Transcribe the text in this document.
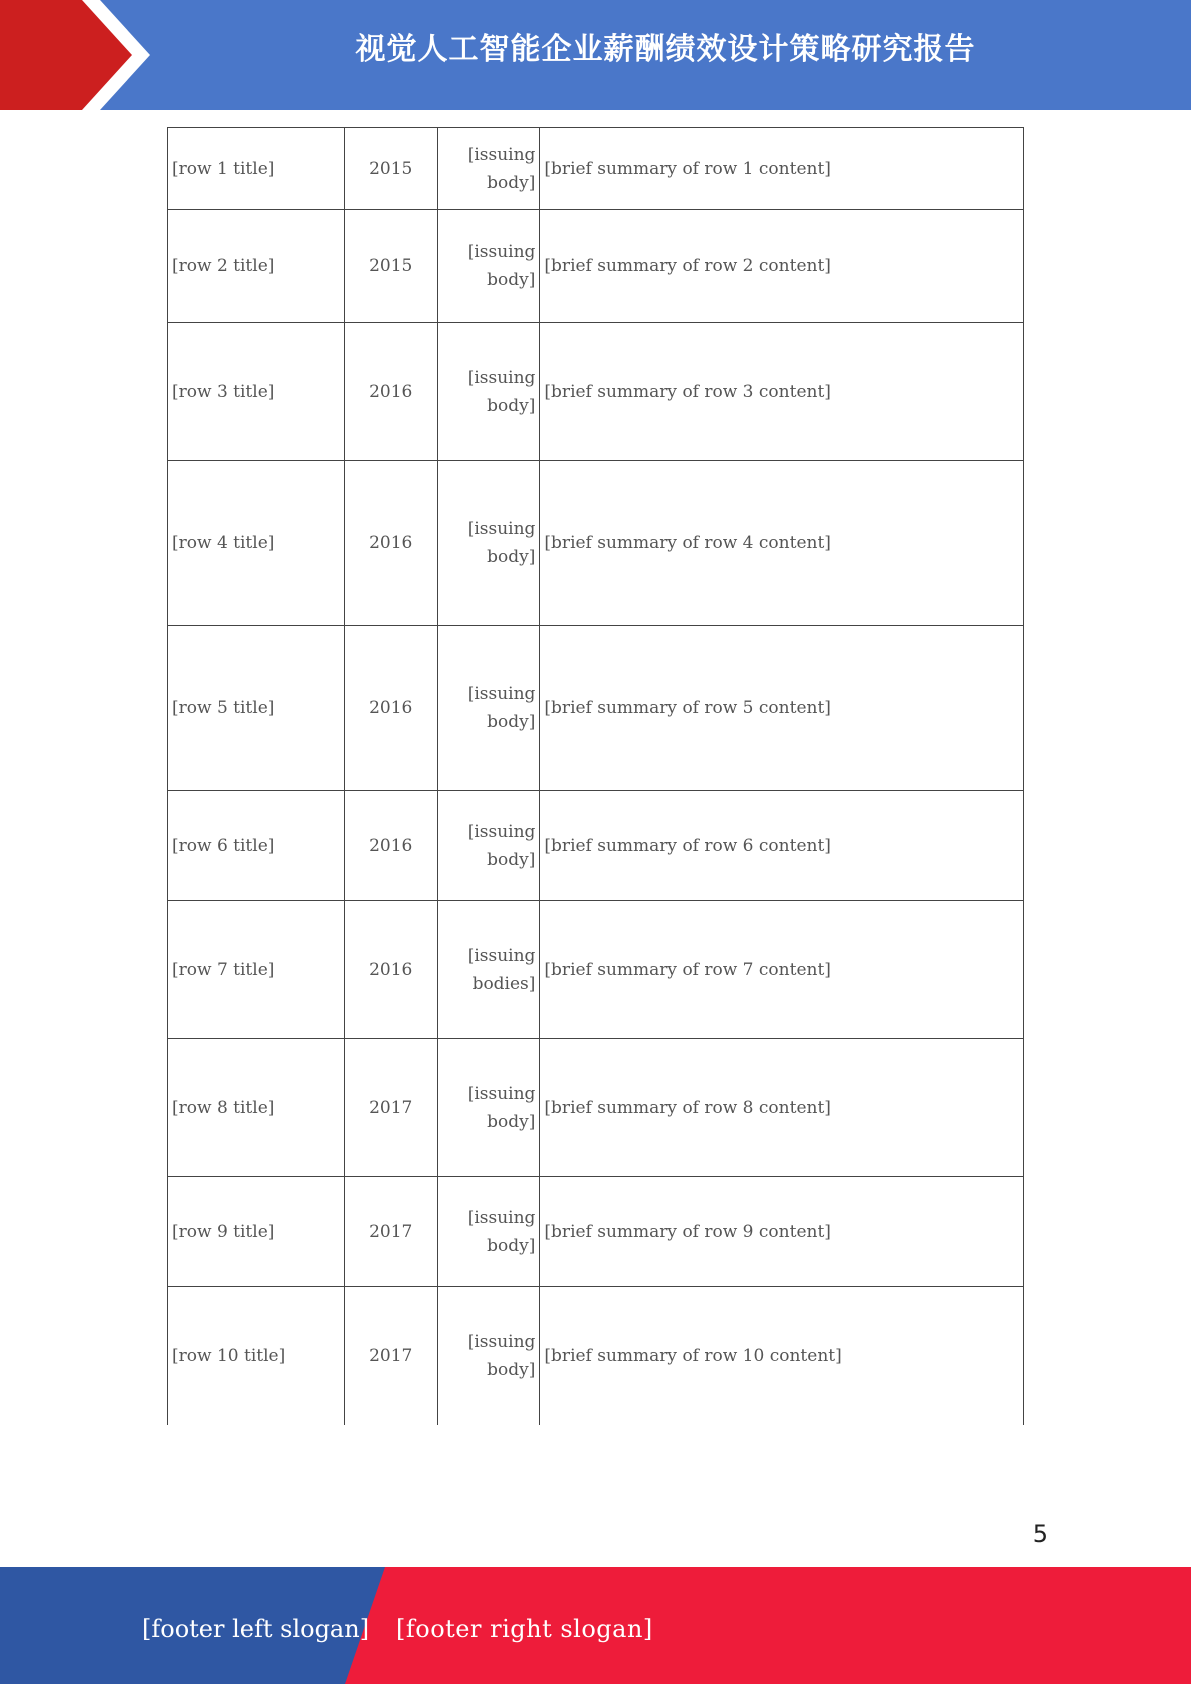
视觉人工智能企业薪酬绩效设计策略研究报告
[row 1 title]	2015	[issuing body]	[brief summary of row 1 content]
[row 2 title]	2015	[issuing body]	[brief summary of row 2 content]
[row 3 title]	2016	[issuing body]	[brief summary of row 3 content]
[row 4 title]	2016	[issuing body]	[brief summary of row 4 content]
[row 5 title]	2016	[issuing body]	[brief summary of row 5 content]
[row 6 title]	2016	[issuing body]	[brief summary of row 6 content]
[row 7 title]	2016	[issuing bodies]	[brief summary of row 7 content]
[row 8 title]	2017	[issuing body]	[brief summary of row 8 content]
[row 9 title]	2017	[issuing body]	[brief summary of row 9 content]
[row 10 title]	2017	[issuing body]	[brief summary of row 10 content]
5
[footer left slogan] [footer right slogan]
